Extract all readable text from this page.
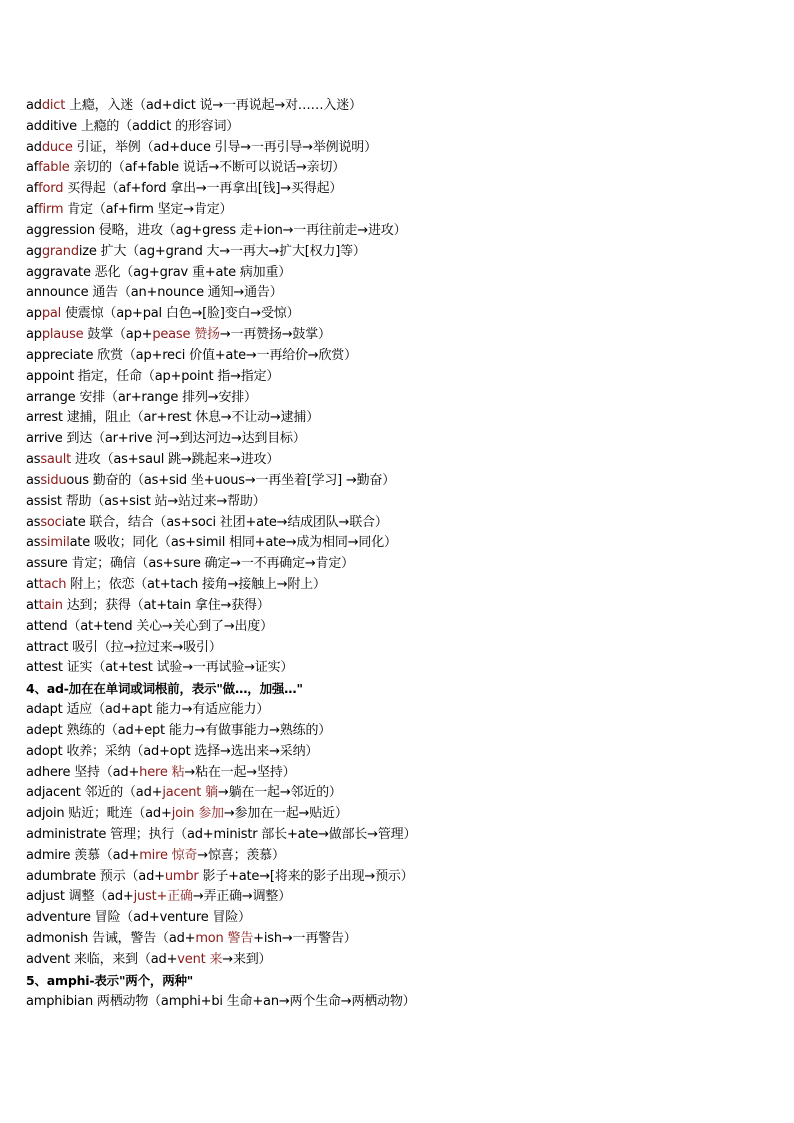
addict 上瘾，入迷（ad+dict 说→一再说起→对……入迷）
additive 上瘾的（addict 的形容词）
adduce 引证，举例（ad+duce 引导→一再引导→举例说明）
affable 亲切的（af+fable 说话→不断可以说话→亲切）
afford 买得起（af+ford 拿出→一再拿出[钱]→买得起）
affirm 肯定（af+firm 坚定→肯定）
aggression 侵略，进攻（ag+gress 走+ion→一再往前走→进攻）
aggrandize 扩大（ag+grand 大→一再大→扩大[权力]等）
aggravate 恶化（ag+grav 重+ate 病加重）
announce 通告（an+nounce 通知→通告）
appal 使震惊（ap+pal 白色→[脸]变白→受惊）
applause 鼓掌（ap+pease 赞扬→一再赞扬→鼓掌）
appreciate 欣赏（ap+reci 价值+ate→一再给价→欣赏）
appoint 指定，任命（ap+point 指→指定）
arrange 安排（ar+range 排列→安排）
arrest 逮捕，阻止（ar+rest 休息→不让动→逮捕）
arrive 到达（ar+rive 河→到达河边→达到目标）
assault 进攻（as+saul 跳→跳起来→进攻）
assiduous 勤奋的（as+sid 坐+uous→一再坐着[学习] →勤奋）
assist 帮助（as+sist 站→站过来→帮助）
associate 联合，结合（as+soci 社团+ate→结成团队→联合）
assimilate 吸收；同化（as+simil 相同+ate→成为相同→同化）
assure 肯定；确信（as+sure 确定→一不再确定→肯定）
attach 附上；依恋（at+tach 接角→接触上→附上）
attain 达到；获得（at+tain 拿住→获得）
attend（at+tend 关心→关心到了→出度）
attract 吸引（拉→拉过来→吸引）
attest 证实（at+test 试验→一再试验→证实）
4、ad-加在在单词或词根前，表示"做…，加强…"
adapt 适应（ad+apt 能力→有适应能力）
adept 熟练的（ad+ept 能力→有做事能力→熟练的）
adopt 收养；采纳（ad+opt 选择→选出来→采纳）
adhere 坚持（ad+here 粘→粘在一起→坚持）
adjacent 邻近的（ad+jacent 躺→躺在一起→邻近的）
adjoin 贴近；毗连（ad+join 参加→参加在一起→贴近）
administrate 管理；执行（ad+ministr 部长+ate→做部长→管理）
admire 羡慕（ad+mire 惊奇→惊喜；羡慕）
adumbrate 预示（ad+umbr 影子+ate→[将来的影子出现→预示）
adjust 调整（ad+just+正确→弄正确→调整）
adventure 冒险（ad+venture 冒险）
admonish 告诫，警告（ad+mon 警告+ish→一再警告）
advent 来临，来到（ad+vent 来→来到）
5、amphi-表示"两个，两种"
amphibian 两栖动物（amphi+bi 生命+an→两个生命→两栖动物）
